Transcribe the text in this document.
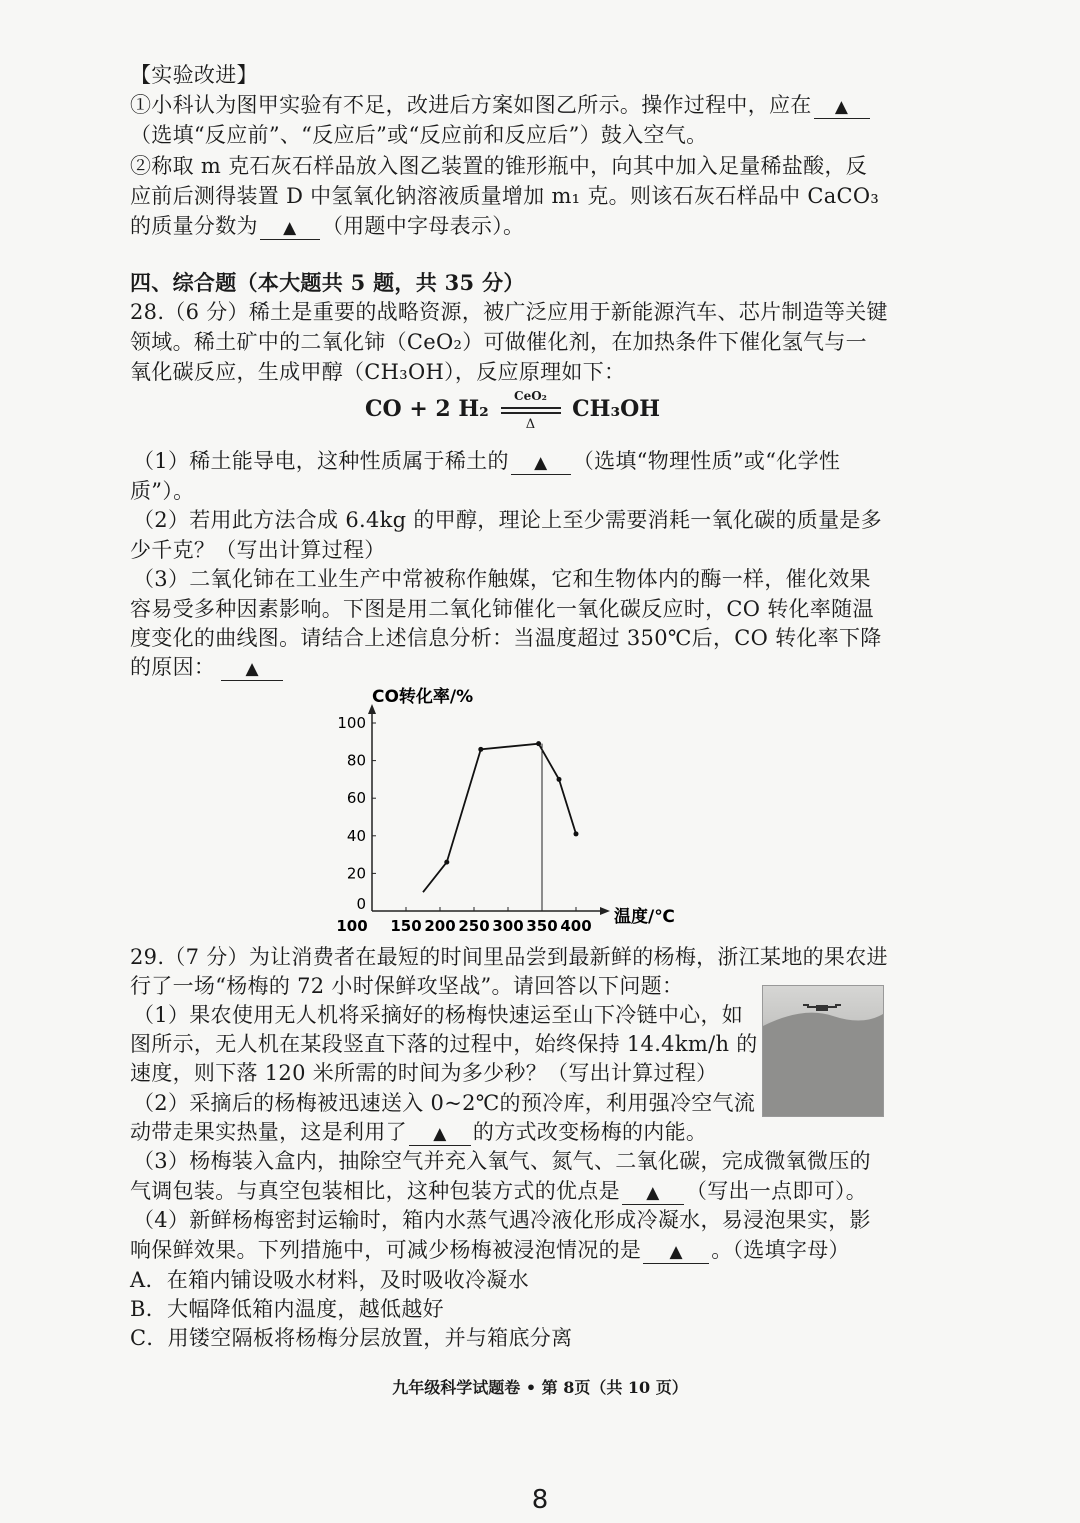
【实验改进】
①小科认为图甲实验有不足，改进后方案如图乙所示。操作过程中，应在 ▲
（选填“反应前”、“反应后”或“反应前和反应后”）鼓入空气。
②称取 m 克石灰石样品放入图乙装置的锥形瓶中，向其中加入足量稀盐酸，反
应前后测得装置 D 中氢氧化钠溶液质量增加 m₁ 克。则该石灰石样品中 CaCO₃
的质量分数为 ▲ （用题中字母表示）。
四、综合题（本大题共 5 题，共 35 分）
28.（6 分）稀土是重要的战略资源，被广泛应用于新能源汽车、芯片制造等关键
领域。稀土矿中的二氧化铈（CeO₂）可做催化剂，在加热条件下催化氢气与一
氧化碳反应，生成甲醇（CH₃OH），反应原理如下：
CO + 2 H₂	CeO₂
Δ
CH₃OH
（1）稀土能导电，这种性质属于稀土的 ▲ （选填“物理性质”或“化学性
质”）。
（2）若用此方法合成 6.4kg 的甲醇，理论上至少需要消耗一氧化碳的质量是多
少千克？（写出计算过程）
（3）二氧化铈在工业生产中常被称作触媒，它和生物体内的酶一样，催化效果
容易受多种因素影响。下图是用二氧化铈催化一氧化碳反应时，CO 转化率随温
度变化的曲线图。请结合上述信息分析：当温度超过 350℃后，CO 转化率下降
的原因： ▲
CO转化率/%
温度/℃
100 150 200 250 300 350 400
0
20
40
60
80
100
29.（7 分）为让消费者在最短的时间里品尝到最新鲜的杨梅，浙江某地的果农进
行了一场“杨梅的 72 小时保鲜攻坚战”。请回答以下问题：
（1）果农使用无人机将采摘好的杨梅快速运至山下冷链中心，如
图所示，无人机在某段竖直下落的过程中，始终保持 14.4km/h 的
速度，则下落 120 米所需的时间为多少秒？（写出计算过程）
（2）采摘后的杨梅被迅速送入 0~2℃的预冷库，利用强冷空气流
动带走果实热量，这是利用了 ▲ 的方式改变杨梅的内能。
（3）杨梅装入盒内，抽除空气并充入氧气、氮气、二氧化碳，完成微氧微压的
气调包装。与真空包装相比，这种包装方式的优点是 ▲ （写出一点即可）。
（4）新鲜杨梅密封运输时，箱内水蒸气遇冷液化形成冷凝水，易浸泡果实，影
响保鲜效果。下列措施中，可减少杨梅被浸泡情况的是 ▲ 。（选填字母）
A．在箱内铺设吸水材料，及时吸收冷凝水
B．大幅降低箱内温度，越低越好
C．用镂空隔板将杨梅分层放置，并与箱底分离
九年级科学试题卷 • 第 8页（共 10 页）
8
